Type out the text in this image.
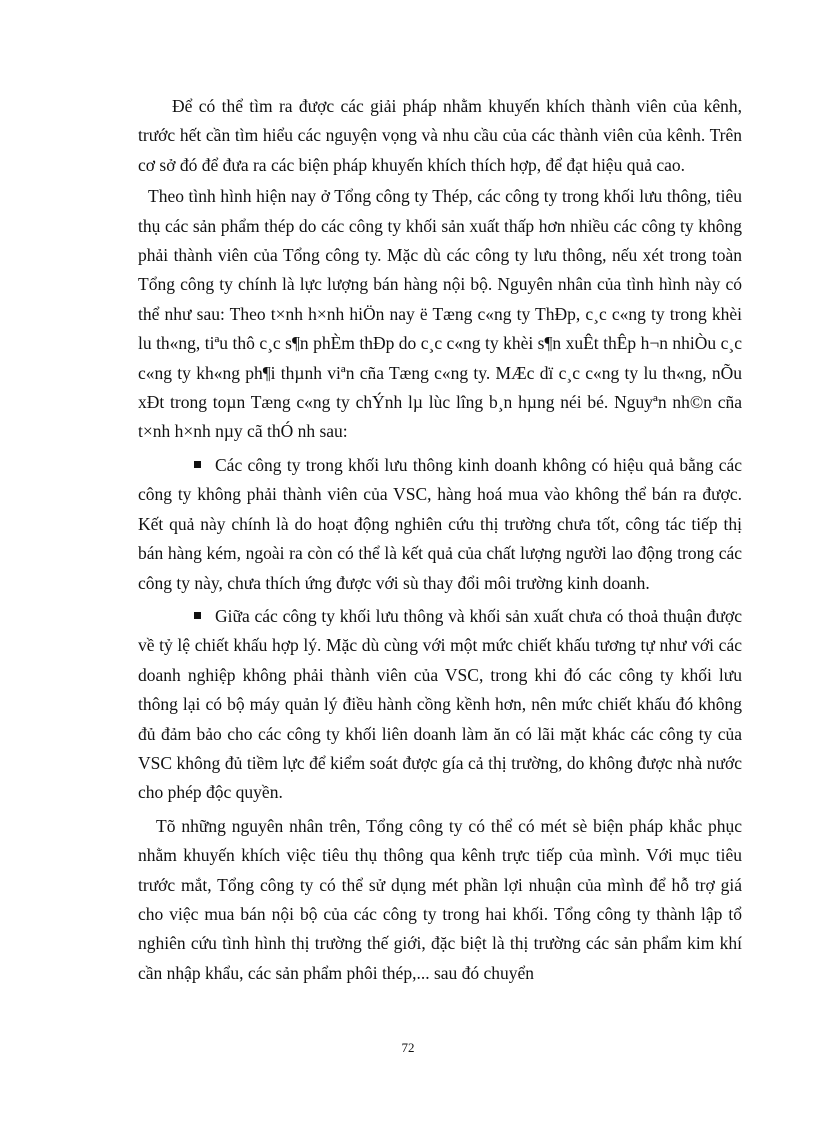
Để có thể tìm ra được các giải pháp nhằm khuyến khích thành viên của kênh, trước hết cần tìm hiểu các nguyện vọng và nhu cầu của các thành viên của kênh. Trên cơ sở đó để đưa ra các biện pháp khuyến khích thích hợp, để đạt hiệu quả cao.

Theo tình hình hiện nay ở Tổng công ty Thép, các công ty trong khối lưu thông, tiêu thụ các sản phẩm thép do các công ty khối sản xuất thấp hơn nhiều các công ty không phải thành viên của Tổng công ty. Mặc dù các công ty lưu thông, nếu xét trong toàn Tổng công ty chính là lực lượng bán hàng nội bộ. Nguyên nhân của tình hình này có thể như sau: Theo t×nh h×nh hiÖn nay ë Tæng c«ng ty ThÐp, c¸c c«ng ty trong khèi lu th«ng, tiªu thô c¸c s¶n phÈm thÐp do c¸c c«ng ty khèi s¶n xuÊt thÊp h¬n nhiÒu c¸c c«ng ty kh«ng ph¶i thµnh viªn cña Tæng c«ng ty. MÆc dï c¸c c«ng ty lu th«ng, nÕu xÐt trong toµn Tæng c«ng ty chÝnh lµ lùc lîng b¸n hµng néi bé. Nguyªn nh©n cña t×nh h×nh nµy cã thÓ nh sau:

Các công ty trong khối lưu thông kinh doanh không có hiệu quả bằng các công ty không phải thành viên của VSC, hàng hoá mua vào không thể bán ra được. Kết quả này chính là do hoạt động nghiên cứu thị trường chưa tốt, công tác tiếp thị bán hàng kém, ngoài ra còn có thể là kết quả của chất lượng người lao động trong các công ty này, chưa thích ứng được với sù thay đổi môi trường kinh doanh.

Giữa các công ty khối lưu thông và khối sản xuất chưa có thoả thuận được về tỷ lệ chiết khấu hợp lý. Mặc dù cùng với một mức chiết khấu tương tự như với các doanh nghiệp không phải thành viên của VSC, trong khi đó các công ty khối lưu thông lại có bộ máy quản lý điều hành cồng kềnh hơn, nên mức chiết khấu đó không đủ đảm bảo cho các công ty khối liên doanh làm ăn có lãi mặt khác các công ty của VSC không đủ tiềm lực để kiểm soát được gía cả thị trường, do không được nhà nước cho phép độc quyền.

Tõ những nguyên nhân trên, Tổng công ty có thể có mét sè biện pháp khắc phục nhằm khuyến khích việc tiêu thụ thông qua kênh trực tiếp của mình. Với mục tiêu trước mắt, Tổng công ty có thể sử dụng mét phần lợi nhuận của mình để hỗ trợ giá cho việc mua bán nội bộ của các công ty trong hai khối. Tổng công ty thành lập tổ nghiên cứu tình hình thị trường thế giới, đặc biệt là thị trường các sản phẩm kim khí cần nhập khẩu, các sản phẩm phôi thép,... sau đó chuyển

72
